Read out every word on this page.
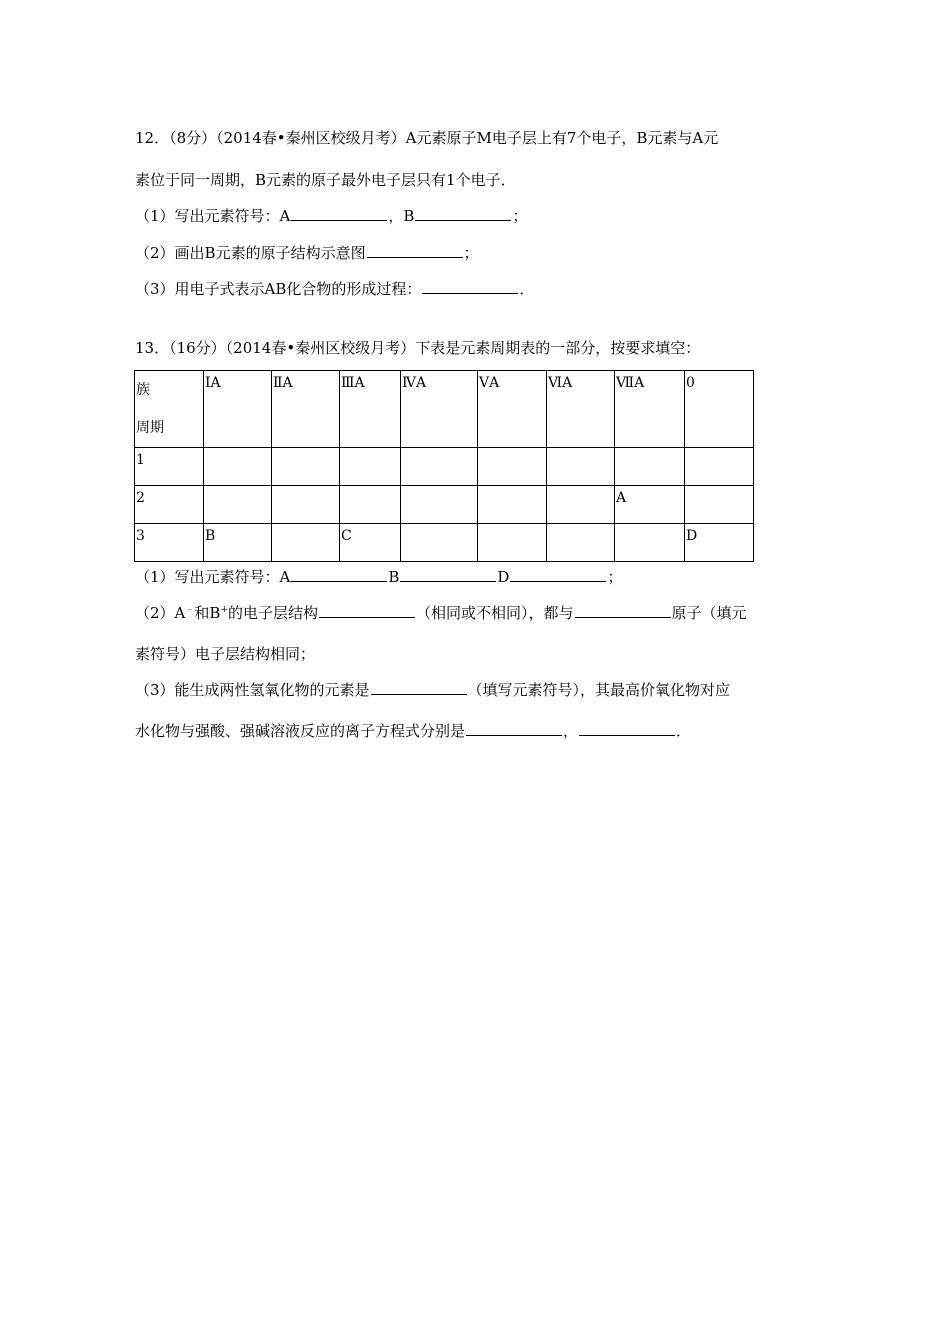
12．（8分）（2014春•秦州区校级月考）A元素原子M电子层上有7个电子，B元素与A元
素位于同一周期，B元素的原子最外电子层只有1个电子．
（1）写出元素符号：A	，B	；
（2）画出B元素的原子结构示意图	；
（3）用电子式表示AB化合物的形成过程：	．
13．（16分）（2014春•秦州区校级月考）下表是元素周期表的一部分，按要求填空：
族
周期	ⅠA	ⅡA	ⅢA	ⅣA	ⅤA	ⅥA	ⅦA	0

1								

2							A	

3	B		C					D
（1）写出元素符号：A	B	D	；
（2）A﹣和B+的电子层结构	（相同或不相同），都与	原子（填元
素符号）电子层结构相同；
（3）能生成两性氢氧化物的元素是	（填写元素符号），其最高价氧化物对应
水化物与强酸、强碱溶液反应的离子方程式分别是	，	．
